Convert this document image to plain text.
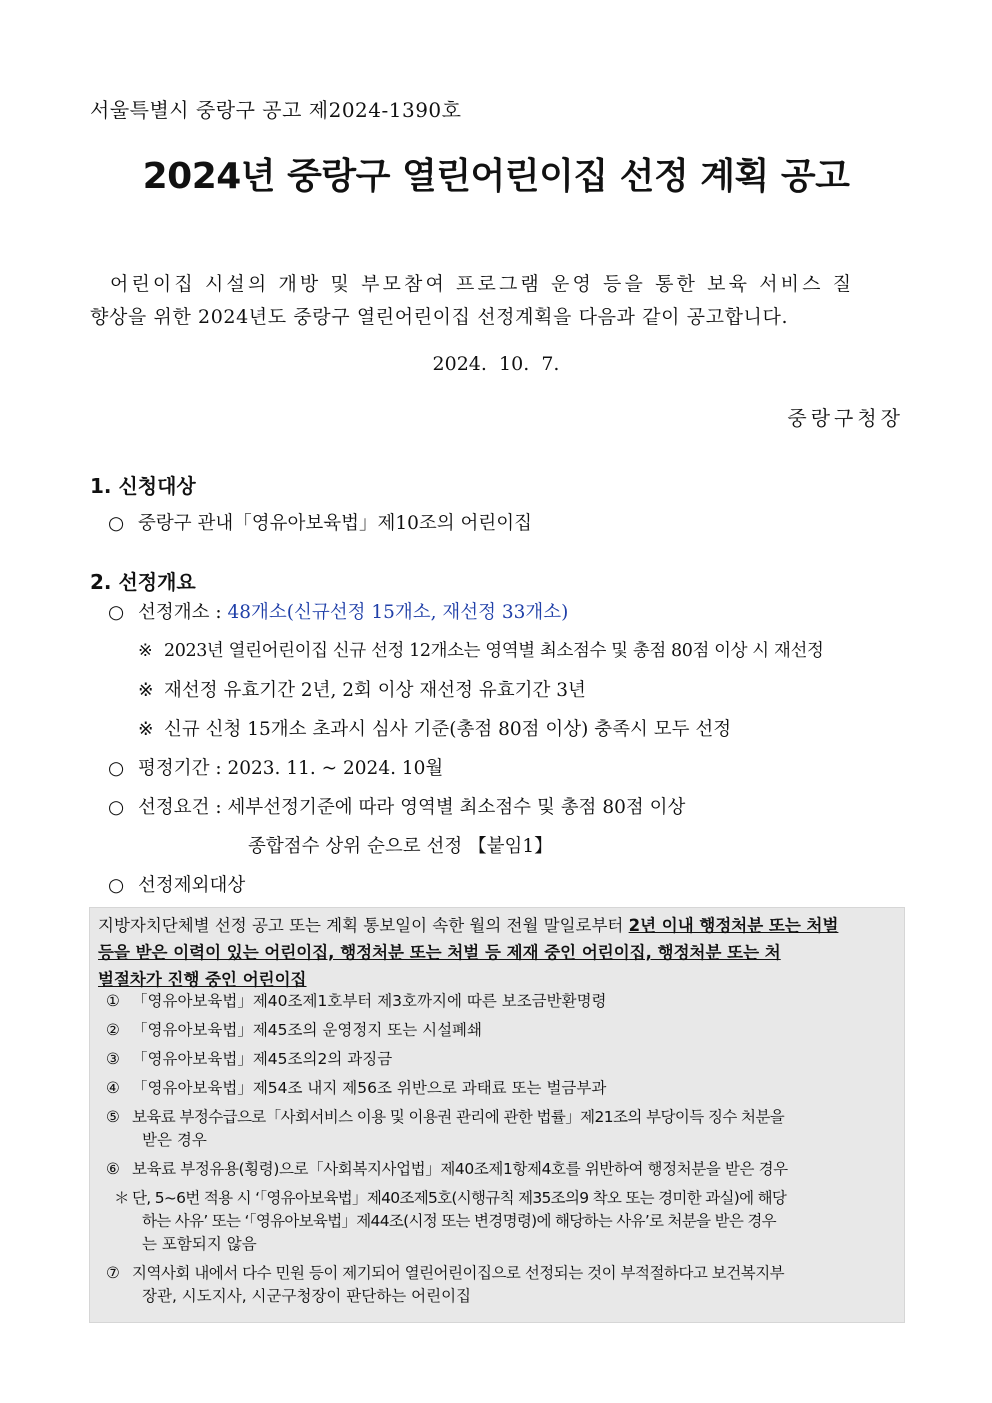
서울특별시 중랑구 공고 제2024-1390호
2024년 중랑구 열린어린이집 선정 계획 공고
어린이집 시설의 개방 및 부모참여 프로그램 운영 등을 통한 보육 서비스 질
향상을 위한 2024년도 중랑구 열린어린이집 선정계획을 다음과 같이 공고합니다.
2024.  10.  7.
중랑구청장
1. 신청대상
○ 중랑구 관내「영유아보육법」제10조의 어린이집
2. 선정개요
○ 선정개소 : 48개소(신규선정 15개소, 재선정 33개소)
※ 2023년 열린어린이집 신규 선정 12개소는 영역별 최소점수 및 총점 80점 이상 시 재선정
※ 재선정 유효기간 2년, 2회 이상 재선정 유효기간 3년
※ 신규 신청 15개소 초과시 심사 기준(총점 80점 이상) 충족시 모두 선정
○ 평정기간 : 2023. 11. ~ 2024. 10월
○ 선정요건 : 세부선정기준에 따라 영역별 최소점수 및 총점 80점 이상
종합점수 상위 순으로 선정 【붙임1】
○ 선정제외대상
지방자치단체별 선정 공고 또는 계획 통보일이 속한 월의 전월 말일로부터 2년 이내 행정처분 또는 처벌
등을 받은 이력이 있는 어린이집, 행정처분 또는 처벌 등 제재 중인 어린이집, 행정처분 또는 처
벌절차가 진행 중인 어린이집
① 「영유아보육법」제40조제1호부터 제3호까지에 따른 보조금반환명령
② 「영유아보육법」제45조의 운영정지 또는 시설폐쇄
③ 「영유아보육법」제45조의2의 과징금
④ 「영유아보육법」제54조 내지 제56조 위반으로 과태료 또는 벌금부과
⑤ 보육료 부정수급으로「사회서비스 이용 및 이용권 관리에 관한 법률」제21조의 부당이득 징수 처분을
받은 경우
⑥ 보육료 부정유용(횡령)으로「사회복지사업법」제40조제1항제4호를 위반하여 행정처분을 받은 경우
＊ 단, 5~6번 적용 시 ‘「영유아보육법」제40조제5호(시행규칙 제35조의9 착오 또는 경미한 과실)에 해당
하는 사유’ 또는 ‘「영유아보육법」제44조(시정 또는 변경명령)에 해당하는 사유’로 처분을 받은 경우
는 포함되지 않음
⑦ 지역사회 내에서 다수 민원 등이 제기되어 열린어린이집으로 선정되는 것이 부적절하다고 보건복지부
장관, 시도지사, 시군구청장이 판단하는 어린이집
